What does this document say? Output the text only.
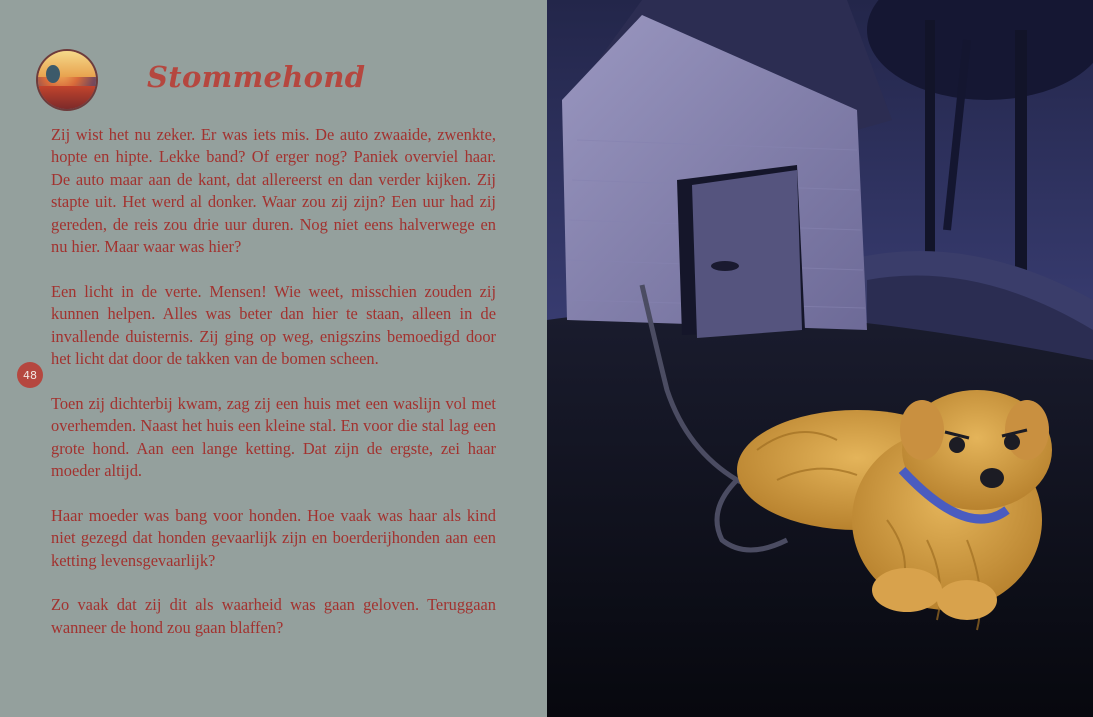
Stommehond

Zij wist het nu zeker. Er was iets mis. De auto zwaaide, zwenkte, hopte en hipte. Lekke band? Of erger nog? Paniek overviel haar. De auto maar aan de kant, dat allereerst en dan verder kijken. Zij stapte uit. Het werd al donker. Waar zou zij zijn? Een uur had zij gereden, de reis zou drie uur duren. Nog niet eens halverwege en nu hier. Maar waar was hier?

Een licht in de verte. Mensen! Wie weet, misschien zouden zij kunnen helpen. Alles was beter dan hier te staan, alleen in de invallende duisternis. Zij ging op weg, enigszins bemoedigd door het licht dat door de takken van de bomen scheen.

Toen zij dichterbij kwam, zag zij een huis met een waslijn vol met overhemden. Naast het huis een kleine stal. En voor die stal lag een grote hond. Aan een lange ketting. Dat zijn de ergste, zei haar moeder altijd.

Haar moeder was bang voor honden. Hoe vaak was haar als kind niet gezegd dat honden gevaarlijk zijn en boerderijhonden aan een ketting levensgevaarlijk?

Zo vaak dat zij dit als waarheid was gaan geloven. Teruggaan wanneer de hond zou gaan blaffen?

48
